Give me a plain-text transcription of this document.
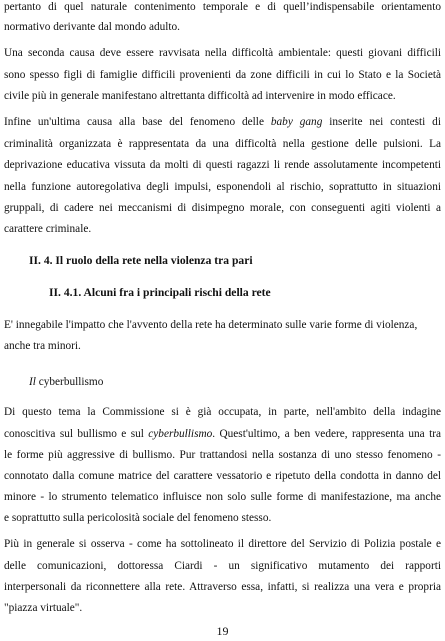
pertanto di quel naturale contenimento temporale e di quell’indispensabile orientamento
normativo derivante dal mondo adulto.
Una seconda causa deve essere ravvisata nella difficoltà ambientale: questi giovani difficili
sono spesso figli di famiglie difficili provenienti da zone difficili in cui lo Stato e la Società
civile più in generale manifestano altrettanta difficoltà ad intervenire in modo efficace.
Infine un'ultima causa alla base del fenomeno delle baby gang inserite nei contesti di
criminalità organizzata è rappresentata da una difficoltà nella gestione delle pulsioni. La
deprivazione educativa vissuta da molti di questi ragazzi li rende assolutamente incompetenti
nella funzione autoregolativa degli impulsi, esponendoli al rischio, soprattutto in situazioni
gruppali, di cadere nei meccanismi di disimpegno morale, con conseguenti agiti violenti a
carattere criminale.
II. 4. Il ruolo della rete nella violenza tra pari
II. 4.1. Alcuni fra i principali rischi della rete
E' innegabile l'impatto che l'avvento della rete ha determinato sulle varie forme di violenza,
anche tra minori.
Il cyberbullismo
Di questo tema la Commissione si è già occupata, in parte, nell'ambito della indagine
conoscitiva sul bullismo e sul cyberbullismo. Quest'ultimo, a ben vedere, rappresenta una tra
le forme più aggressive di bullismo. Pur trattandosi nella sostanza di uno stesso fenomeno -
connotato dalla comune matrice del carattere vessatorio e ripetuto della condotta in danno del
minore - lo strumento telematico influisce non solo sulle forme di manifestazione, ma anche
e soprattutto sulla pericolosità sociale del fenomeno stesso.
Più in generale si osserva - come ha sottolineato il direttore del Servizio di Polizia postale e
delle comunicazioni, dottoressa Ciardi - un significativo mutamento dei rapporti
interpersonali da riconnettere alla rete. Attraverso essa, infatti, si realizza una vera e propria
"piazza virtuale".
19
